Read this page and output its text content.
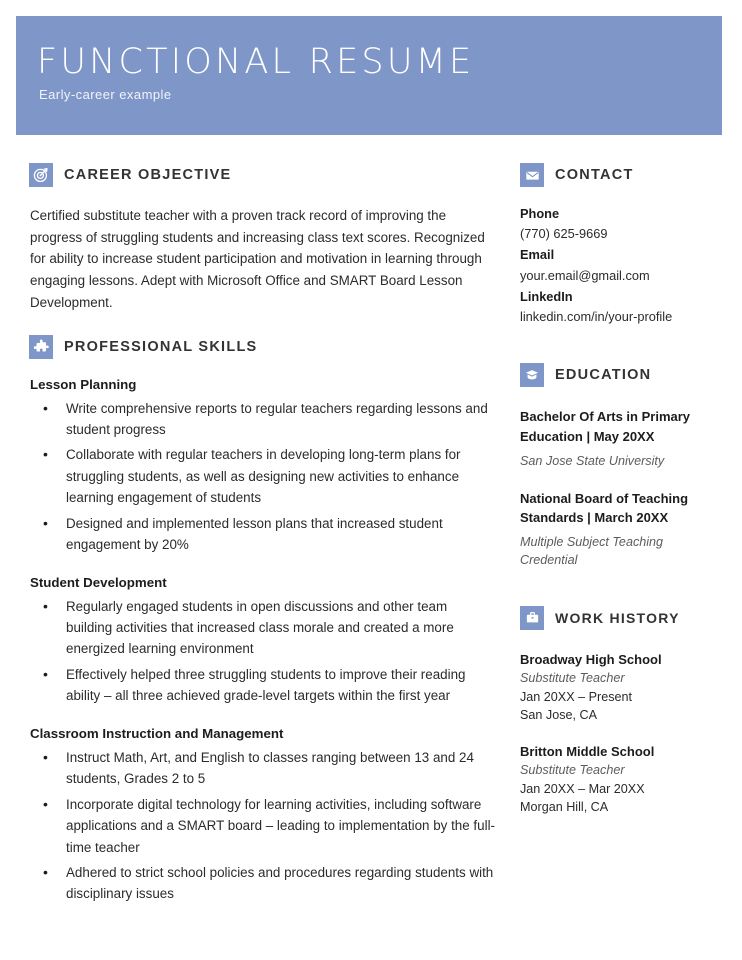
FUNCTIONAL RESUME
Early-career example
CAREER OBJECTIVE

Certified substitute teacher with a proven track record of improving the progress of struggling students and increasing class text scores. Recognized for ability to increase student participation and motivation in learning through engaging lessons. Adept with Microsoft Office and SMART Board Lesson Development.

PROFESSIONAL SKILLS
Lesson Planning
• Write comprehensive reports to regular teachers regarding lessons and student progress
• Collaborate with regular teachers in developing long-term plans for struggling students, as well as designing new activities to enhance learning engagement of students
• Designed and implemented lesson plans that increased student engagement by 20%
Student Development
• Regularly engaged students in open discussions and other team building activities that increased class morale and created a more energized learning environment
• Effectively helped three struggling students to improve their reading ability – all three achieved grade-level targets within the first year
Classroom Instruction and Management
• Instruct Math, Art, and English to classes ranging between 13 and 24 students, Grades 2 to 5
• Incorporate digital technology for learning activities, including software applications and a SMART board – leading to implementation by the full-time teacher
• Adhered to strict school policies and procedures regarding students with disciplinary issues
CONTACT
Phone
(770) 625-9669
Email
your.email@gmail.com
LinkedIn
linkedin.com/in/your-profile
EDUCATION
Bachelor Of Arts in Primary Education | May 20XX
San Jose State University
National Board of Teaching Standards | March 20XX
Multiple Subject Teaching Credential
WORK HISTORY
Broadway High School
Substitute Teacher
Jan 20XX – Present
San Jose, CA
Britton Middle School
Substitute Teacher
Jan 20XX – Mar 20XX
Morgan Hill, CA
